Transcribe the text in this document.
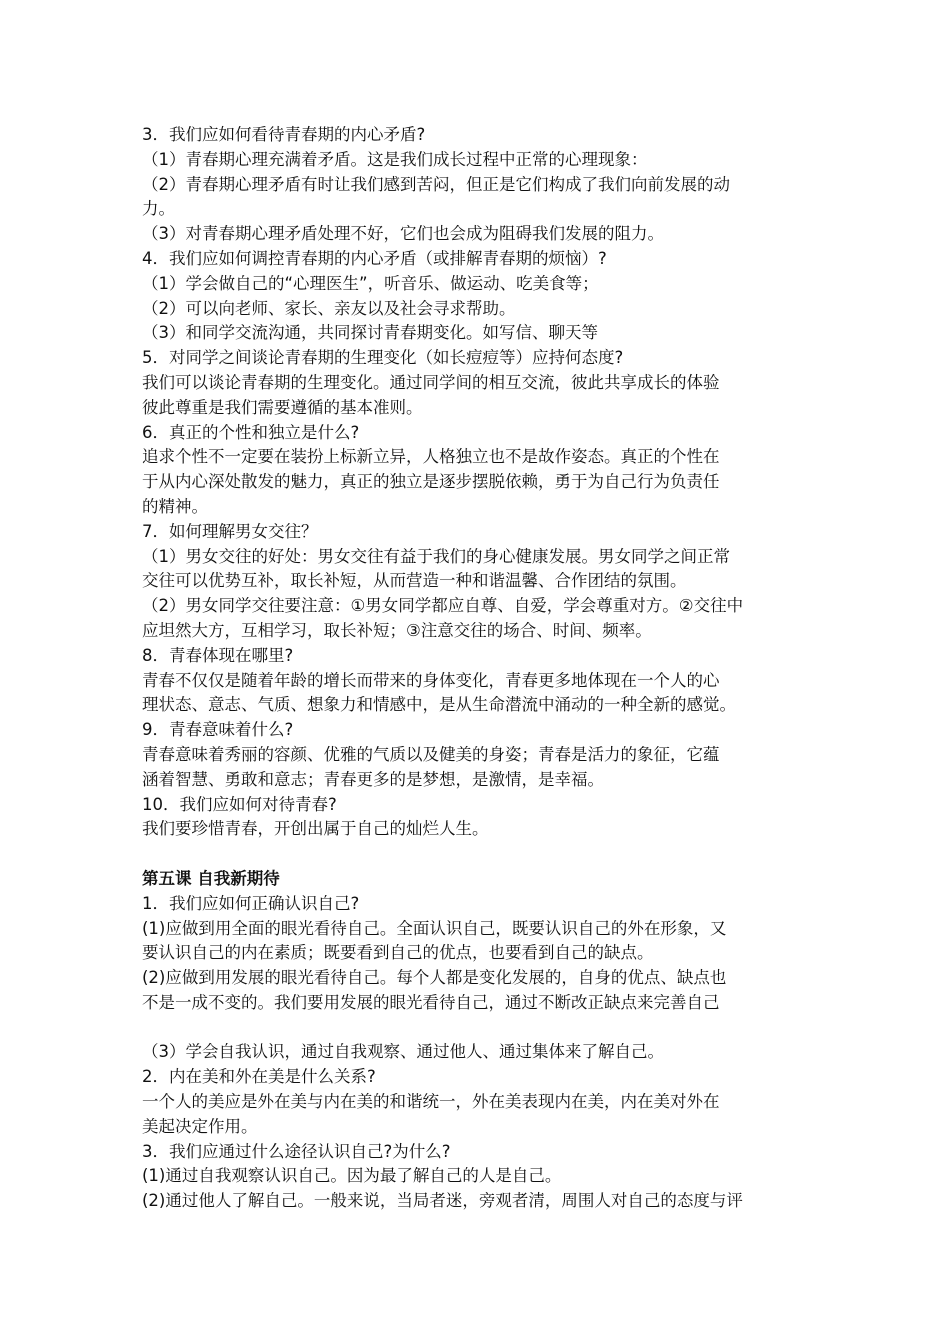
3．我们应如何看待青春期的内心矛盾?
（1）青春期心理充满着矛盾。这是我们成长过程中正常的心理现象：
（2）青春期心理矛盾有时让我们感到苦闷，但正是它们构成了我们向前发展的动
力。
（3）对青春期心理矛盾处理不好，它们也会成为阻碍我们发展的阻力。
4．我们应如何调控青春期的内心矛盾（或排解青春期的烦恼）?
（1）学会做自己的“心理医生”，听音乐、做运动、吃美食等；
（2）可以向老师、家长、亲友以及社会寻求帮助。
（3）和同学交流沟通，共同探讨青春期变化。如写信、聊天等
5．对同学之间谈论青春期的生理变化（如长痘痘等）应持何态度?
我们可以谈论青春期的生理变化。通过同学间的相互交流，彼此共享成长的体验
彼此尊重是我们需要遵循的基本准则。
6．真正的个性和独立是什么?
追求个性不一定要在装扮上标新立异，人格独立也不是故作姿态。真正的个性在
于从内心深处散发的魅力，真正的独立是逐步摆脱依赖，勇于为自己行为负责任
的精神。
7．如何理解男女交往？
（1）男女交往的好处：男女交往有益于我们的身心健康发展。男女同学之间正常
交往可以优势互补，取长补短，从而营造一种和谐温馨、合作团结的氛围。
（2）男女同学交往要注意：①男女同学都应自尊、自爱，学会尊重对方。②交往中
应坦然大方，互相学习，取长补短；③注意交往的场合、时间、频率。
8．青春体现在哪里?
青春不仅仅是随着年龄的增长而带来的身体变化，青春更多地体现在一个人的心
理状态、意志、气质、想象力和情感中，是从生命潜流中涌动的一种全新的感觉。
9．青春意味着什么?
青春意味着秀丽的容颜、优雅的气质以及健美的身姿；青春是活力的象征，它蕴
涵着智慧、勇敢和意志；青春更多的是梦想，是激情，是幸福。
10．我们应如何对待青春?
我们要珍惜青春，开创出属于自己的灿烂人生。
第五课 自我新期待
1．我们应如何正确认识自己?
(1)应做到用全面的眼光看待自己。全面认识自己，既要认识自己的外在形象，又
要认识自己的内在素质；既要看到自己的优点，也要看到自己的缺点。
(2)应做到用发展的眼光看待自己。每个人都是变化发展的，自身的优点、缺点也
不是一成不变的。我们要用发展的眼光看待自己，通过不断改正缺点来完善自己
（3）学会自我认识，通过自我观察、通过他人、通过集体来了解自己。
2．内在美和外在美是什么关系?
一个人的美应是外在美与内在美的和谐统一，外在美表现内在美，内在美对外在
美起决定作用。
3．我们应通过什么途径认识自己?为什么?
(1)通过自我观察认识自己。因为最了解自己的人是自己。
(2)通过他人了解自己。一般来说，当局者迷，旁观者清，周围人对自己的态度与评
